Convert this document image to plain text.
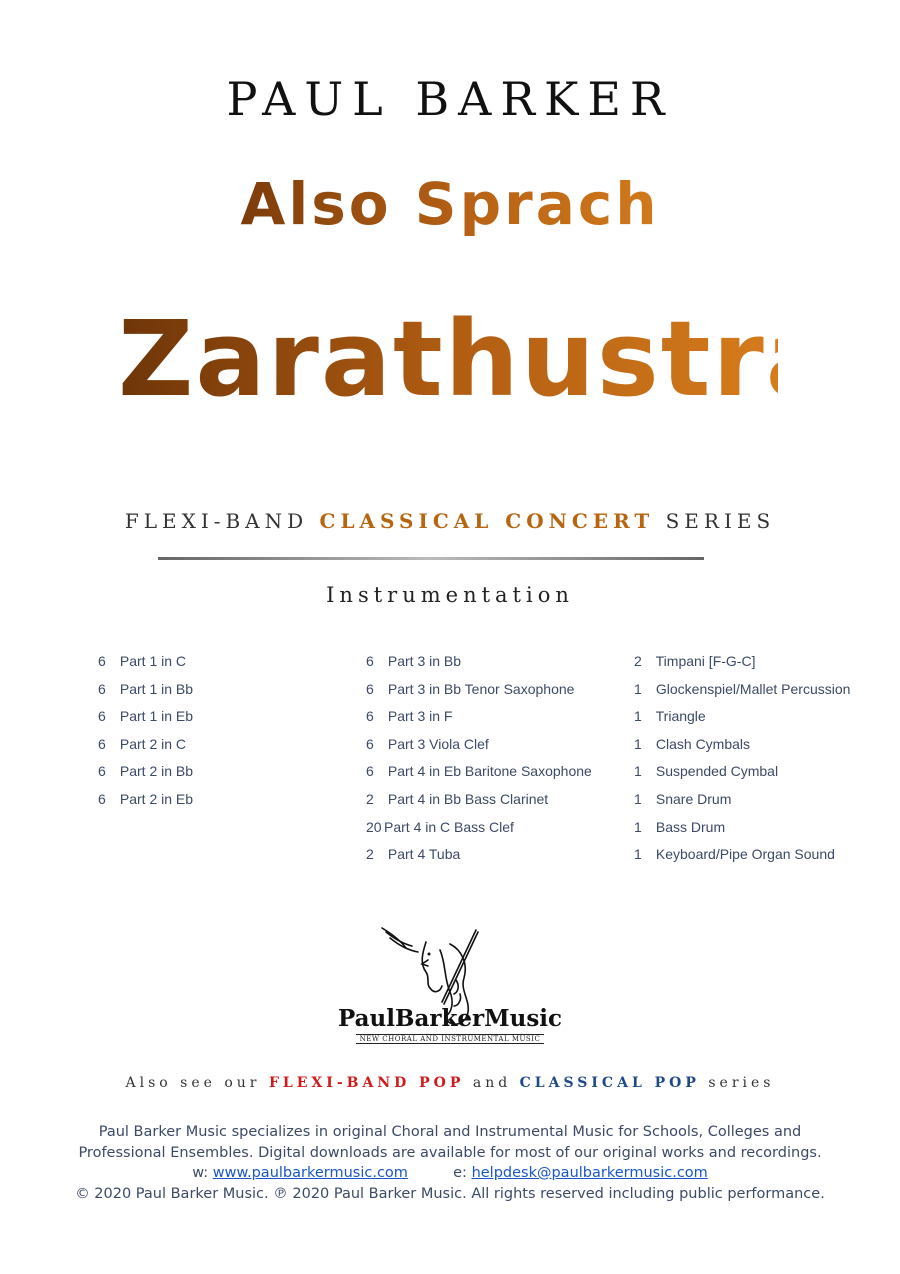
PAUL BARKER
Also Sprach
Zarathustra
FLEXI-BAND CLASSICAL CONCERT SERIES
Instrumentation
6 Part 1 in C
6 Part 1 in Bb
6 Part 1 in Eb
6 Part 2 in C
6 Part 2 in Bb
6 Part 2 in Eb
6 Part 3 in Bb
6 Part 3 in Bb Tenor Saxophone
6 Part 3 in F
6 Part 3 Viola Clef
6 Part 4 in Eb Baritone Saxophone
2 Part 4 in Bb Bass Clarinet
20 Part 4 in C Bass Clef
2 Part 4 Tuba
2 Timpani [F-G-C]
1 Glockenspiel/Mallet Percussion
1 Triangle
1 Clash Cymbals
1 Suspended Cymbal
1 Snare Drum
1 Bass Drum
1 Keyboard/Pipe Organ Sound
PaulBarkerMusic
NEW CHORAL AND INSTRUMENTAL MUSIC
Also see our FLEXI-BAND POP and CLASSICAL POP series
Paul Barker Music specializes in original Choral and Instrumental Music for Schools, Colleges and
Professional Ensembles. Digital downloads are available for most of our original works and recordings.
w: www.paulbarkermusic.com	e: helpdesk@paulbarkermusic.com
© 2020 Paul Barker Music. ℗ 2020 Paul Barker Music. All rights reserved including public performance.
